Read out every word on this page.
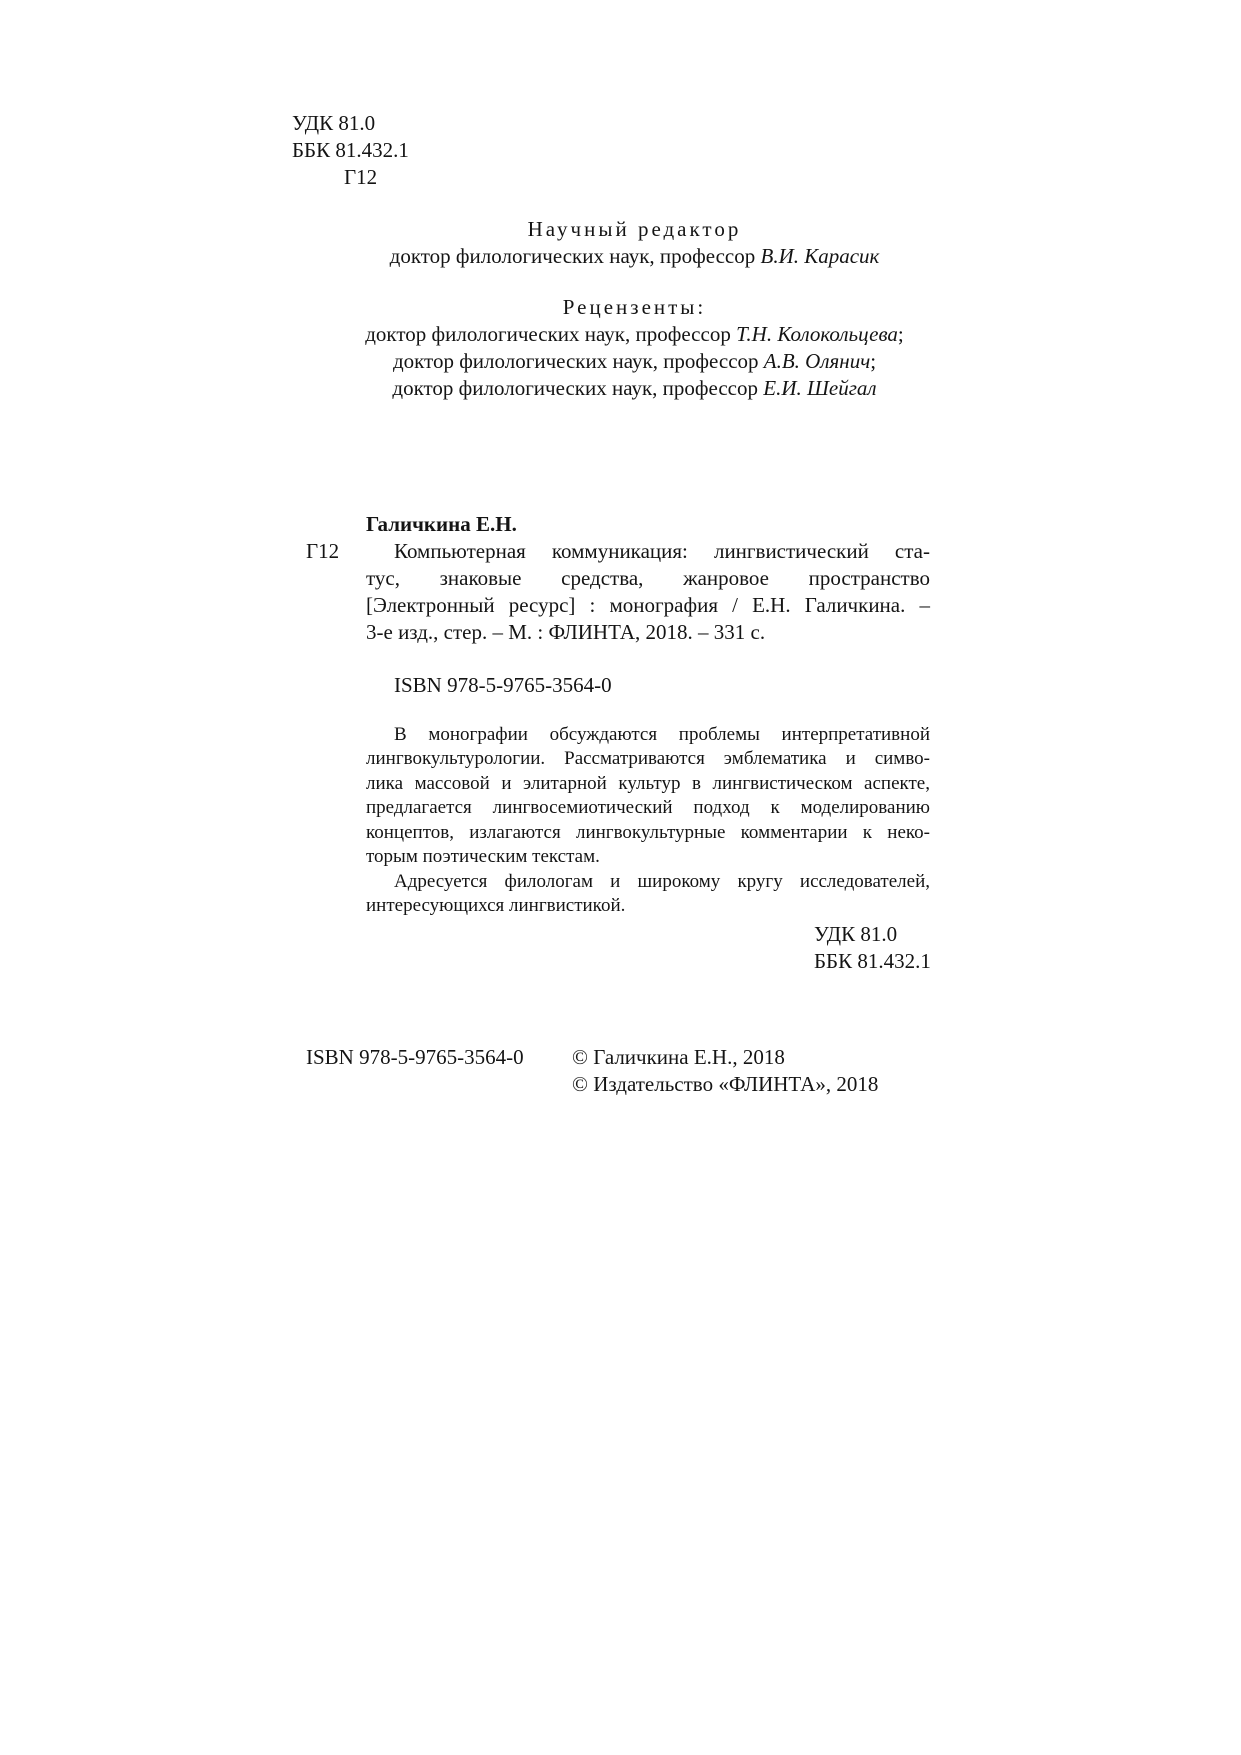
УДК 81.0
ББК 81.432.1
Г12
Научный редактор
доктор филологических наук, профессор В.И. Карасик
Рецензенты:
доктор филологических наук, профессор Т.Н. Колокольцева;
доктор филологических наук, профессор А.В. Олянич;
доктор филологических наук, профессор Е.И. Шейгал
Галичкина Е.Н.
Г12	Компьютерная коммуникация: лингвистический ста-
тус, знаковые средства, жанровое пространство
[Электронный ресурс] : монография / Е.Н. Галичкина. –
3-е изд., стер. – М. : ФЛИНТА, 2018. – 331 с.
ISBN 978-5-9765-3564-0
В монографии обсуждаются проблемы интерпретативной
лингвокультурологии. Рассматриваются эмблематика и симво-
лика массовой и элитарной культур в лингвистическом аспекте,
предлагается лингвосемиотический подход к моделированию
концептов, излагаются лингвокультурные комментарии к неко-
торым поэтическим текстам.
Адресуется филологам и широкому кругу исследователей,
интересующихся лингвистикой.
УДК 81.0
ББК 81.432.1
ISBN 978-5-9765-3564-0 © Галичкина Е.Н., 2018
© Издательство «ФЛИНТА», 2018
